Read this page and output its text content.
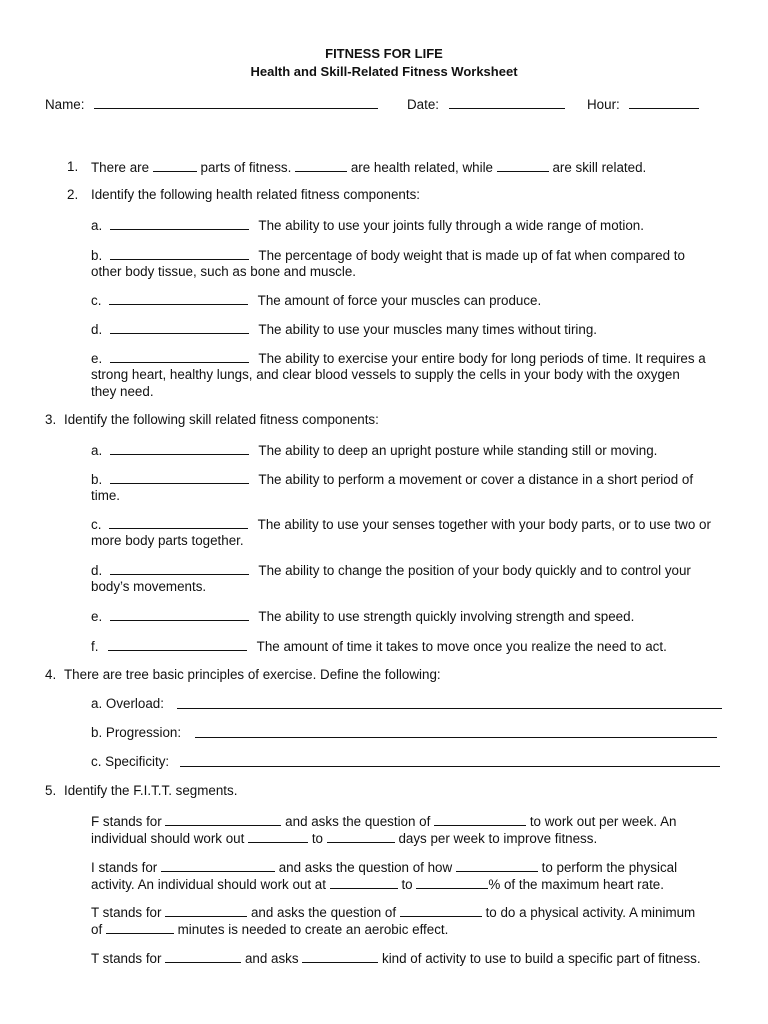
FITNESS FOR LIFE
Health and Skill-Related Fitness Worksheet
Name:	Date:	Hour:
1. There are	parts of fitness.	are health related, while	are skill related.
2. Identify the following health related fitness components:
a.	The ability to use your joints fully through a wide range of motion.
b.	The percentage of body weight that is made up of fat when compared to
other body tissue, such as bone and muscle.
c.	The amount of force your muscles can produce.
d.	The ability to use your muscles many times without tiring.
e.	The ability to exercise your entire body for long periods of time. It requires a
strong heart, healthy lungs, and clear blood vessels to supply the cells in your body with the oxygen
they need.
3. Identify the following skill related fitness components:
a.	The ability to deep an upright posture while standing still or moving.
b.	The ability to perform a movement or cover a distance in a short period of
time.
c.	The ability to use your senses together with your body parts, or to use two or
more body parts together.
d.	The ability to change the position of your body quickly and to control your
body’s movements.
e.	The ability to use strength quickly involving strength and speed.
f.	The amount of time it takes to move once you realize the need to act.
4. There are tree basic principles of exercise. Define the following:
a. Overload:
b. Progression:
c. Specificity:
5. Identify the F.I.T.T. segments.
F stands for	and asks the question of	to work out per week. An
individual should work out	to	days per week to improve fitness.
I stands for	and asks the question of how	to perform the physical
activity. An individual should work out at	to	% of the maximum heart rate.
T stands for	and asks the question of	to do a physical activity. A minimum
of	minutes is needed to create an aerobic effect.
T stands for	and asks	kind of activity to use to build a specific part of fitness.
